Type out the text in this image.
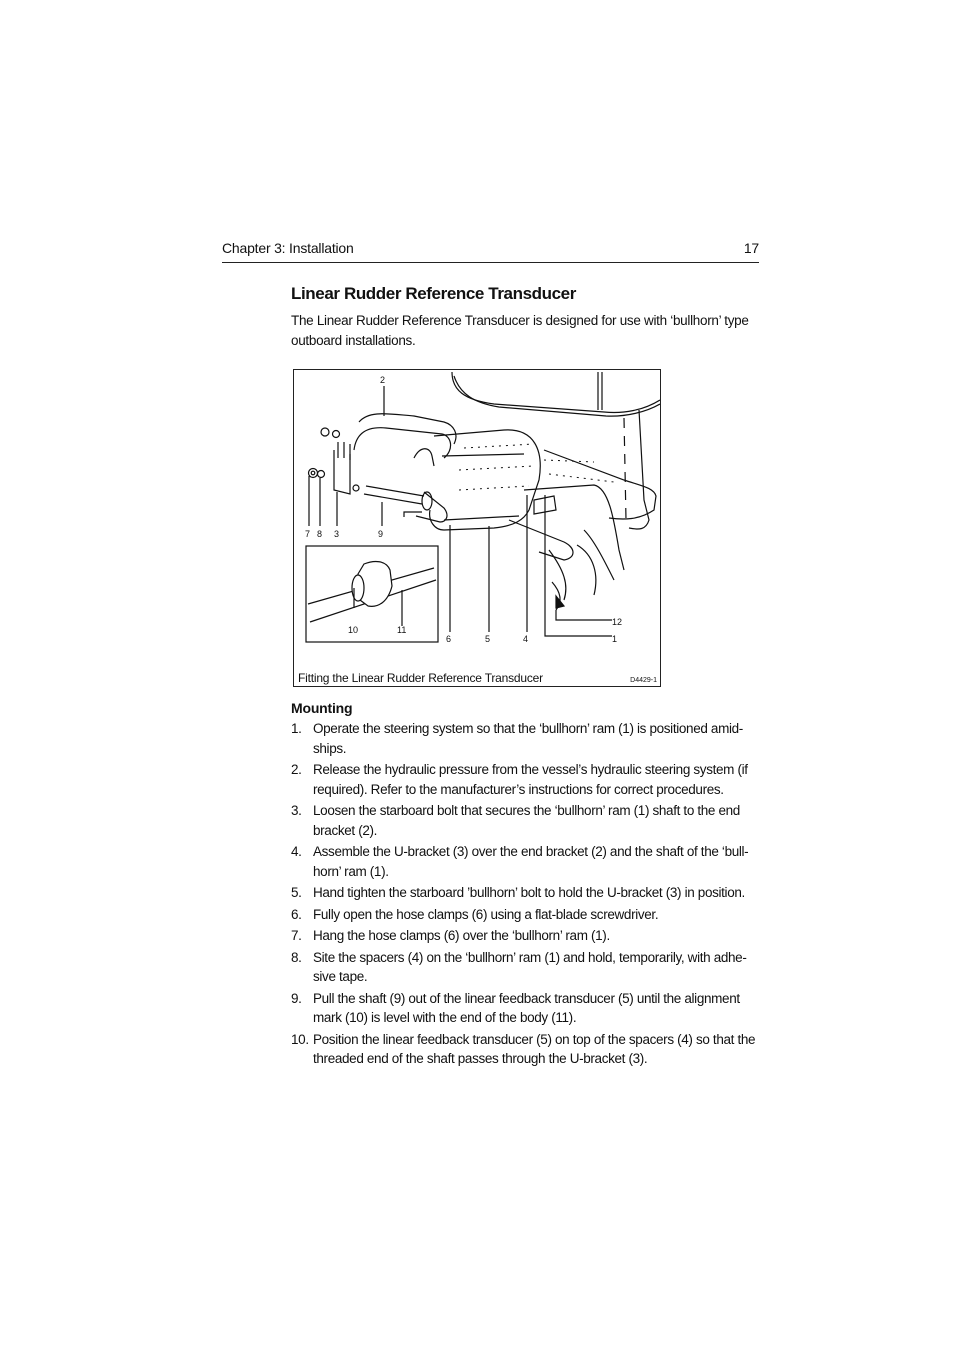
Chapter 3: Installation	17
Linear Rudder Reference Transducer

The Linear Rudder Reference Transducer is designed for use with ‘bullhorn’ type outboard installations.

2
7 8 3	9
10	11
6	5	4
12
1
Fitting the Linear Rudder Reference Transducer	D4429-1
Mounting
1. Operate the steering system so that the ‘bullhorn’ ram (1) is positioned amid-ships.
2. Release the hydraulic pressure from the vessel’s hydraulic steering system (if required). Refer to the manufacturer’s instructions for correct procedures.
3. Loosen the starboard bolt that secures the ‘bullhorn’ ram (1) shaft to the end bracket (2).
4. Assemble the U-bracket (3) over the end bracket (2) and the shaft of the ‘bull-horn’ ram (1).
5. Hand tighten the starboard ’bullhorn’ bolt to hold the U-bracket (3) in position.
6. Fully open the hose clamps (6) using a flat-blade screwdriver.
7. Hang the hose clamps (6) over the ‘bullhorn’ ram (1).
8. Site the spacers (4) on the ‘bullhorn’ ram (1) and hold, temporarily, with adhe-sive tape.
9. Pull the shaft (9) out of the linear feedback transducer (5) until the alignment mark (10) is level with the end of the body (11).
10. Position the linear feedback transducer (5) on top of the spacers (4) so that the threaded end of the shaft passes through the U-bracket (3).
